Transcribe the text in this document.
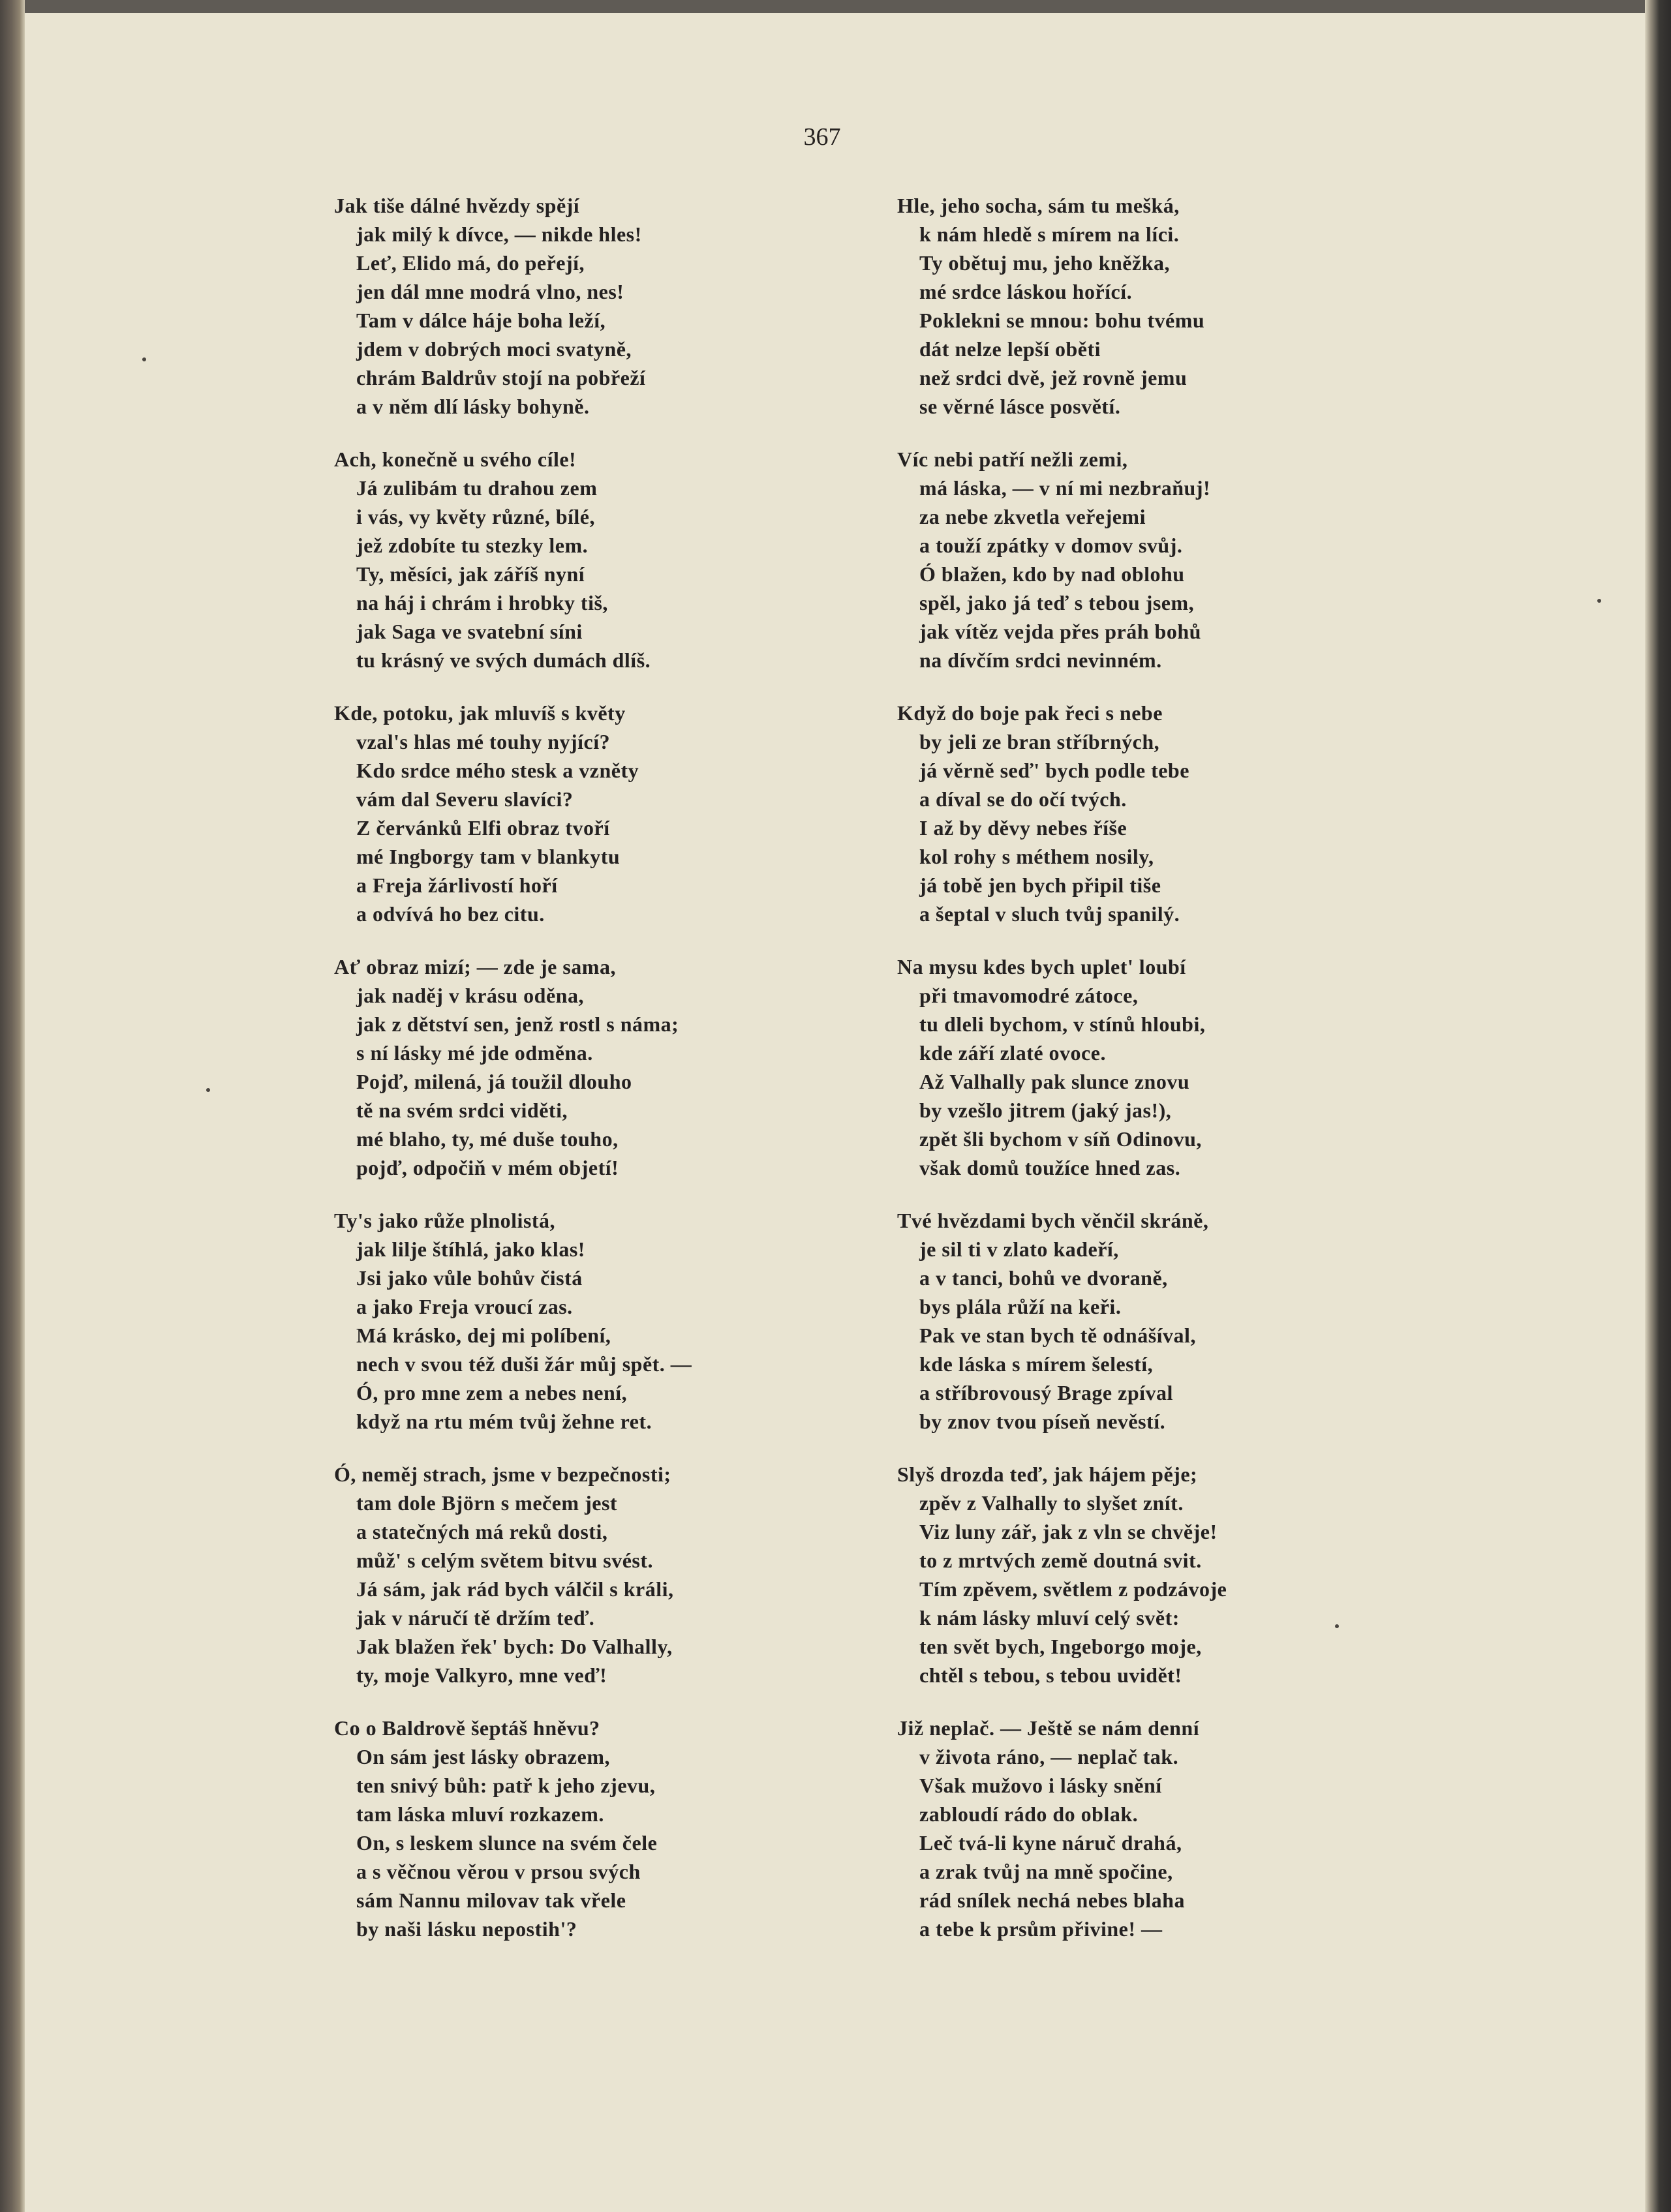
367
Jak tiše dálné hvězdy spějí
jak milý k dívce, — nikde hles!
Leť, Elido má, do peřejí,
jen dál mne modrá vlno, nes!
Tam v dálce háje boha leží,
jdem v dobrých moci svatyně,
chrám Baldrův stojí na pobřeží
a v něm dlí lásky bohyně.
Ach, konečně u svého cíle!
Já zulibám tu drahou zem
i vás, vy květy různé, bílé,
jež zdobíte tu stezky lem.
Ty, měsíci, jak záříš nyní
na háj i chrám i hrobky tiš,
jak Saga ve svatební síni
tu krásný ve svých dumách dlíš.
Kde, potoku, jak mluvíš s květy
vzal's hlas mé touhy nyjící?
Kdo srdce mého stesk a vzněty
vám dal Severu slavíci?
Z červánků Elfi obraz tvoří
mé Ingborgy tam v blankytu
a Freja žárlivostí hoří
a odvívá ho bez citu.
Ať obraz mizí; — zde je sama,
jak naděj v krásu oděna,
jak z dětství sen, jenž rostl s náma;
s ní lásky mé jde odměna.
Pojď, milená, já toužil dlouho
tě na svém srdci viděti,
mé blaho, ty, mé duše touho,
pojď, odpočiň v mém objetí!
Ty's jako růže plnolistá,
jak lilje štíhlá, jako klas!
Jsi jako vůle bohův čistá
a jako Freja vroucí zas.
Má krásko, dej mi políbení,
nech v svou též duši žár můj spět. —
Ó, pro mne zem a nebes není,
když na rtu mém tvůj žehne ret.
Ó, neměj strach, jsme v bezpečnosti;
tam dole Björn s mečem jest
a statečných má reků dosti,
můž' s celým světem bitvu svést.
Já sám, jak rád bych válčil s králi,
jak v náručí tě držím teď.
Jak blažen řek' bych: Do Valhally,
ty, moje Valkyro, mne veď!
Co o Baldrově šeptáš hněvu?
On sám jest lásky obrazem,
ten snivý bůh: patř k jeho zjevu,
tam láska mluví rozkazem.
On, s leskem slunce na svém čele
a s věčnou věrou v prsou svých
sám Nannu milovav tak vřele
by naši lásku nepostih'?
Hle, jeho socha, sám tu mešká,
k nám hledě s mírem na líci.
Ty obětuj mu, jeho kněžka,
mé srdce láskou hořící.
Poklekni se mnou: bohu tvému
dát nelze lepší oběti
než srdci dvě, jež rovně jemu
se věrné lásce posvětí.
Víc nebi patří nežli zemi,
má láska, — v ní mi nezbraňuj!
za nebe zkvetla veřejemi
a touží zpátky v domov svůj.
Ó blažen, kdo by nad oblohu
spěl, jako já teď s tebou jsem,
jak vítěz vejda přes práh bohů
na dívčím srdci nevinném.
Když do boje pak řeci s nebe
by jeli ze bran stříbrných,
já věrně seď' bych podle tebe
a díval se do očí tvých.
I až by děvy nebes říše
kol rohy s méthem nosily,
já tobě jen bych připil tiše
a šeptal v sluch tvůj spanilý.
Na mysu kdes bych uplet' loubí
při tmavomodré zátoce,
tu dleli bychom, v stínů hloubi,
kde září zlaté ovoce.
Až Valhally pak slunce znovu
by vzešlo jitrem (jaký jas!),
zpět šli bychom v síň Odinovu,
však domů toužíce hned zas.
Tvé hvězdami bych věnčil skráně,
je sil ti v zlato kadeří,
a v tanci, bohů ve dvoraně,
bys plála růží na keři.
Pak ve stan bych tě odnášíval,
kde láska s mírem šelestí,
a stříbrovousý Brage zpíval
by znov tvou píseň nevěstí.
Slyš drozda teď, jak hájem pěje;
zpěv z Valhally to slyšet znít.
Viz luny zář, jak z vln se chvěje!
to z mrtvých země doutná svit.
Tím zpěvem, světlem z podzávoje
k nám lásky mluví celý svět:
ten svět bych, Ingeborgo moje,
chtěl s tebou, s tebou uvidět!
Již neplač. — Ještě se nám denní
v života ráno, — neplač tak.
Však mužovo i lásky snění
zabloudí rádo do oblak.
Leč tvá-li kyne náruč drahá,
a zrak tvůj na mně spočine,
rád snílek nechá nebes blaha
a tebe k prsům přivine! —
